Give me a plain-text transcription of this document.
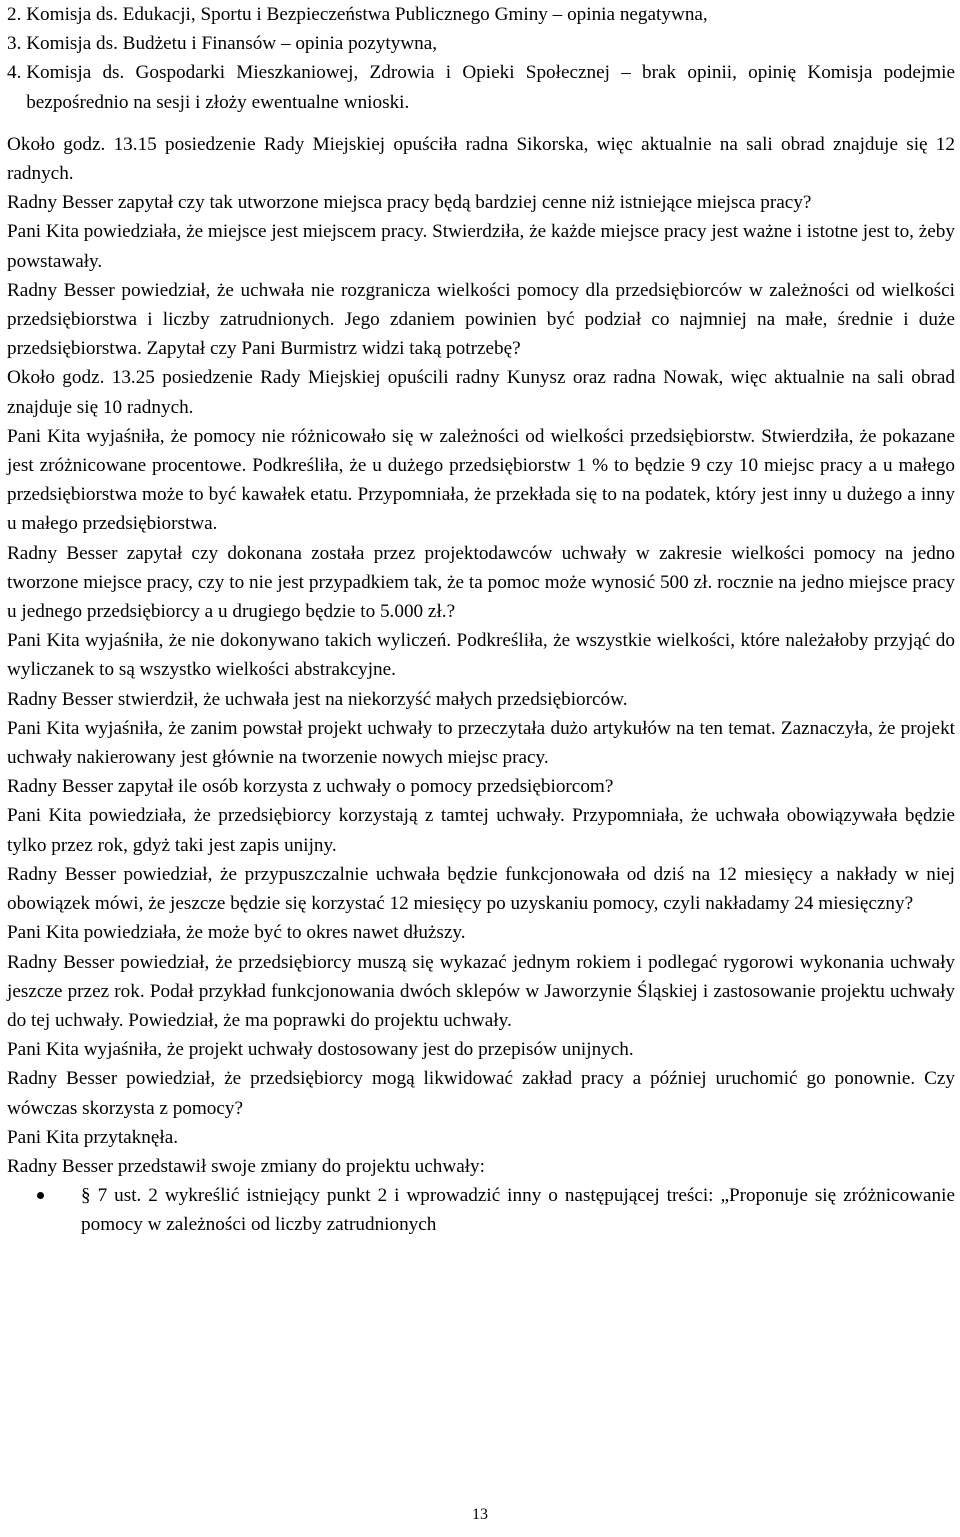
2. Komisja ds. Edukacji, Sportu i Bezpieczeństwa Publicznego Gminy – opinia negatywna,
3. Komisja ds. Budżetu i Finansów – opinia pozytywna,
4. Komisja ds. Gospodarki Mieszkaniowej, Zdrowia i Opieki Społecznej – brak opinii, opinię Komisja podejmie bezpośrednio na sesji i złoży ewentualne wnioski.

Około godz. 13.15 posiedzenie Rady Miejskiej opuściła radna Sikorska, więc aktualnie na sali obrad znajduje się 12 radnych.

Radny Besser zapytał czy tak utworzone miejsca pracy będą bardziej cenne niż istniejące miejsca pracy?

Pani Kita powiedziała, że miejsce jest miejscem pracy. Stwierdziła, że każde miejsce pracy jest ważne i istotne jest to, żeby powstawały.

Radny Besser powiedział, że uchwała nie rozgranicza wielkości pomocy dla przedsiębiorców w zależności od wielkości przedsiębiorstwa i liczby zatrudnionych. Jego zdaniem powinien być podział co najmniej na małe, średnie i duże przedsiębiorstwa. Zapytał czy Pani Burmistrz widzi taką potrzebę?

Około godz. 13.25 posiedzenie Rady Miejskiej opuścili radny Kunysz oraz radna Nowak, więc aktualnie na sali obrad znajduje się 10 radnych.

Pani Kita wyjaśniła, że pomocy nie różnicowało się w zależności od wielkości przedsiębiorstw. Stwierdziła, że pokazane jest zróżnicowane procentowe. Podkreśliła, że u dużego przedsiębiorstw 1 % to będzie 9 czy 10 miejsc pracy a u małego przedsiębiorstwa może to być kawałek etatu. Przypomniała, że przekłada się to na podatek, który jest inny u dużego a inny u małego przedsiębiorstwa.

Radny Besser zapytał czy dokonana została przez projektodawców uchwały w zakresie wielkości pomocy na jedno tworzone miejsce pracy, czy to nie jest przypadkiem tak, że ta pomoc może wynosić 500 zł. rocznie na jedno miejsce pracy u jednego przedsiębiorcy a u drugiego będzie to 5.000 zł.?

Pani Kita wyjaśniła, że nie dokonywano takich wyliczeń. Podkreśliła, że wszystkie wielkości, które należałoby przyjąć do wyliczanek to są wszystko wielkości abstrakcyjne.

Radny Besser stwierdził, że uchwała jest na niekorzyść małych przedsiębiorców.

Pani Kita wyjaśniła, że zanim powstał projekt uchwały to przeczytała dużo artykułów na ten temat. Zaznaczyła, że projekt uchwały nakierowany jest głównie na tworzenie nowych miejsc pracy.

Radny Besser zapytał ile osób korzysta z uchwały o pomocy przedsiębiorcom?

Pani Kita powiedziała, że przedsiębiorcy korzystają z tamtej uchwały. Przypomniała, że uchwała obowiązywała będzie tylko przez rok, gdyż taki jest zapis unijny.

Radny Besser powiedział, że przypuszczalnie uchwała będzie funkcjonowała od dziś na 12 miesięcy a nakłady w niej obowiązek mówi, że jeszcze będzie się korzystać 12 miesięcy po uzyskaniu pomocy, czyli nakładamy 24 miesięczny?

Pani Kita powiedziała, że może być to okres nawet dłuższy.

Radny Besser powiedział, że przedsiębiorcy muszą się wykazać jednym rokiem i podlegać rygorowi wykonania uchwały jeszcze przez rok. Podał przykład funkcjonowania dwóch sklepów w Jaworzynie Śląskiej i zastosowanie projektu uchwały do tej uchwały. Powiedział, że ma poprawki do projektu uchwały.

Pani Kita wyjaśniła, że projekt uchwały dostosowany jest do przepisów unijnych.

Radny Besser powiedział, że przedsiębiorcy mogą likwidować zakład pracy a później uruchomić go ponownie. Czy wówczas skorzysta z pomocy?

Pani Kita przytaknęła.

Radny Besser przedstawił swoje zmiany do projektu uchwały:

§ 7 ust. 2 wykreślić istniejący punkt 2 i wprowadzić inny o następującej treści: „Proponuje się zróżnicowanie pomocy w zależności od liczby zatrudnionych
13
